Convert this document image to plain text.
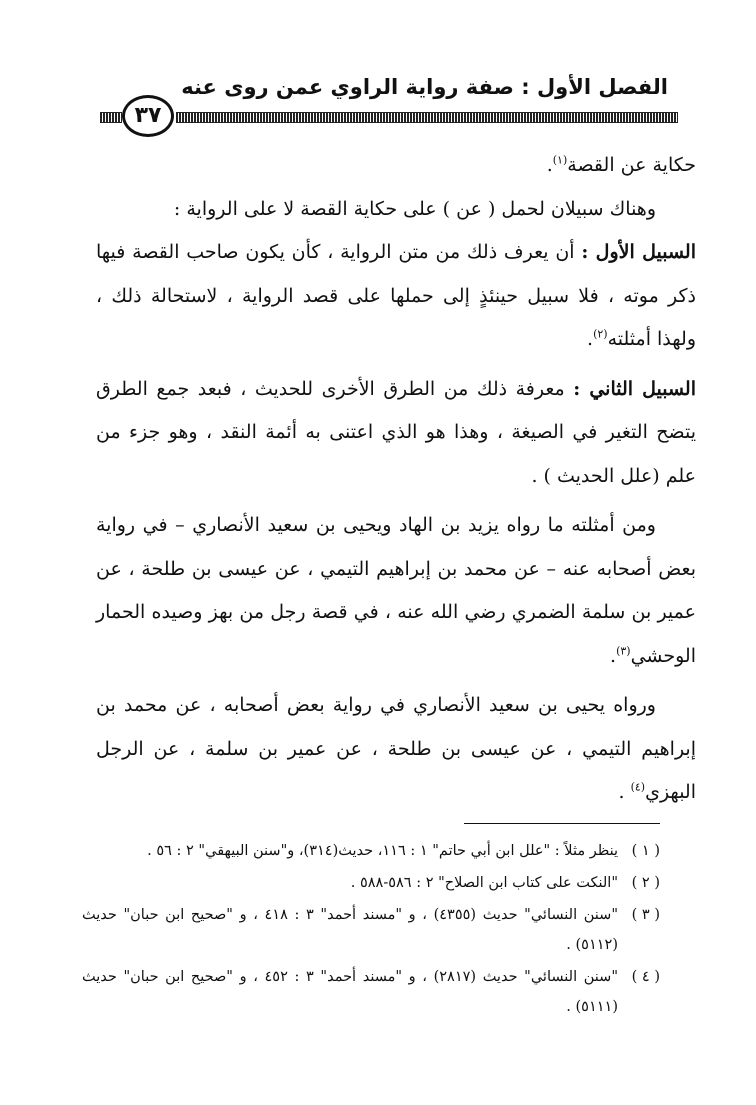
الفصل الأول : صفة رواية الراوي عمن روى عنه
٣٧

حكاية عن القصة$^{(١)}$.

وهناك سبيلان لحمل ( عن ) على حكاية القصة لا على الرواية :

السبيل الأول : أن يعرف ذلك من متن الرواية ، كأن يكون صاحب القصة فيها ذكر موته ، فلا سبيل حينئذٍ إلى حملها على قصد الرواية ، لاستحالة ذلك ، ولهذا أمثلته$^{(٢)}$.

السبيل الثاني : معرفة ذلك من الطرق الأخرى للحديث ، فبعد جمع الطرق يتضح التغير في الصيغة ، وهذا هو الذي اعتنى به أئمة النقد ، وهو جزء من علم (علل الحديث ) .

ومن أمثلته ما رواه يزيد بن الهاد ويحيى بن سعيد الأنصاري – في رواية بعض أصحابه عنه – عن محمد بن إبراهيم التيمي ، عن عيسى بن طلحة ، عن عمير بن سلمة الضمري رضي الله عنه ، في قصة رجل من بهز وصيده الحمار الوحشي$^{(٣)}$.

ورواه يحيى بن سعيد الأنصاري في رواية بعض أصحابه ، عن محمد بن إبراهيم التيمي ، عن عيسى بن طلحة ، عن عمير بن سلمة ، عن الرجل البهزي$^{(٤)}$ .

( ١ )
ينظر مثلاً : "علل ابن أبي حاتم" ١ : ١١٦، حديث(٣١٤)، و"سنن البيهقي" ٢ : ٥٦ .
( ٢ )
"النكت على كتاب ابن الصلاح" ٢ : ٥٨٦-٥٨٨ .
( ٣ )
"سنن النسائي" حديث (٤٣٥٥) ، و "مسند أحمد" ٣ : ٤١٨ ، و "صحيح ابن حبان" حديث (٥١١٢) .
( ٤ )
"سنن النسائي" حديث (٢٨١٧) ، و "مسند أحمد" ٣ : ٤٥٢ ، و "صحيح ابن حبان" حديث (٥١١١) .
